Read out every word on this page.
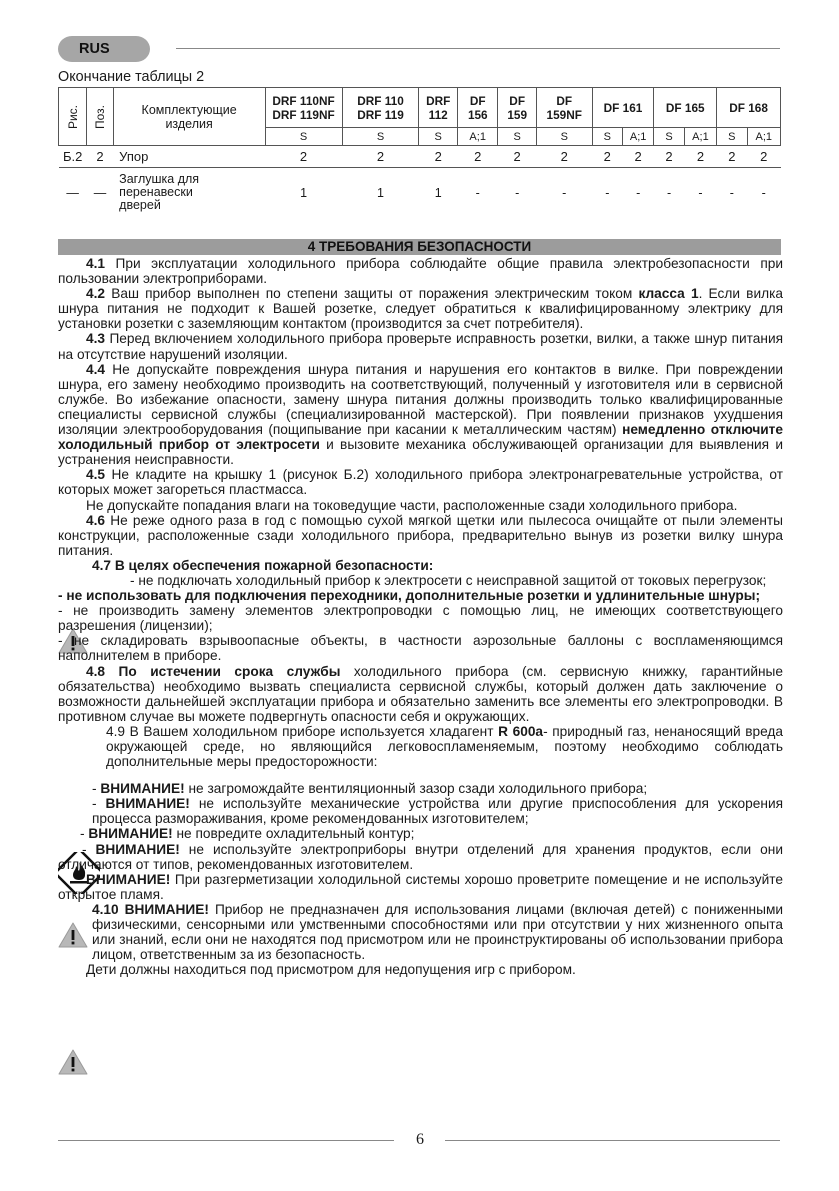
RUS
Окончание таблицы 2
Рис.	Поз.	Комплектующие изделия	DRF 110NF DRF 119NF	DRF 110 DRF 119	DRF 112	DF 156	DF 159	DF 159NF	DF 161		DF 165		DF 168	
			S	S	S	A;1	S	S	S	A;1	S	A;1	S	A;1
Б.2	2	Упор	2	2	2	2	2	2	2	2	2	2	2	2
—	—	Заглушка для перенавески дверей	1	1	1	-	-	-	-	-	-	-	-	-
4 ТРЕБОВАНИЯ БЕЗОПАСНОСТИ

4.1 При эксплуатации холодильного прибора соблюдайте общие правила электробезопасности при пользовании электроприборами.

4.2 Ваш прибор выполнен по степени защиты от поражения электрическим током класса 1. Если вилка шнура питания не подходит к Вашей розетке, следует обратиться к квалифицированному электрику для установки розетки с заземляющим контактом (производится за счет потребителя).

4.3 Перед включением холодильного прибора проверьте исправность розетки, вилки, а также шнур питания на отсутствие нарушений изоляции.

4.4 Не допускайте повреждения шнура питания и нарушения его контактов в вилке. При повреждении шнура, его замену необходимо производить на соответствующий, полученный у изготовителя или в сервисной службе. Во избежание опасности, замену шнура питания должны производить только квалифицированные специалисты сервисной службы (специализированной мастерской). При появлении признаков ухудшения изоляции электрооборудования (пощипывание при касании к металлическим частям) немедленно отключите холодильный прибор от электросети и вызовите механика обслуживающей организации для выявления и устранения неисправности.

4.5 Не кладите на крышку 1 (рисунок Б.2) холодильного прибора электронагревательные устройства, от которых может загореться пластмасса.

Не допускайте попадания влаги на токоведущие части, расположенные сзади холодильного прибора.

4.6 Не реже одного раза в год с помощью сухой мягкой щетки или пылесоса очищайте от пыли элементы конструкции, расположенные сзади холодильного прибора, предварительно вынув из розетки вилку шнура питания.

4.7 В целях обеспечения пожарной безопасности:

- не подключать холодильный прибор к электросети с неисправной защитой от токовых перегрузок;

- не использовать для подключения переходники, дополнительные розетки и удлинительные шнуры;

- не производить замену элементов электропроводки с помощью лиц, не имеющих соответствующего разрешения (лицензии);

- не складировать взрывоопасные объекты, в частности аэрозольные баллоны с воспламеняющимся наполнителем в приборе.

4.8 По истечении срока службы холодильного прибора (см. сервисную книжку, гарантийные обязательства) необходимо вызвать специалиста сервисной службы, который должен дать заключение о возможности дальнейшей эксплуатации прибора и обязательно заменить все элементы его электропроводки. В противном случае вы можете подвергнуть опасности себя и окружающих.

4.9 В Вашем холодильном приборе используется хладагент R 600а- природный газ, ненаносящий вреда окружающей среде, но являющийся легковоспламеняемым, поэтому необходимо соблюдать дополнительные меры предосторожности:

- ВНИМАНИЕ! не загромождайте вентиляционный зазор сзади холодильного прибора;

- ВНИМАНИЕ! не используйте механические устройства или другие приспособления для ускорения процесса размораживания, кроме рекомендованных изготовителем;

- ВНИМАНИЕ! не повредите охладительный контур;

- ВНИМАНИЕ! не используйте электроприборы внутри отделений для хранения продуктов, если они отличаются от типов, рекомендованных изготовителем.

ВНИМАНИЕ! При разгерметизации холодильной системы хорошо проветрите помещение и не используйте открытое пламя.

4.10 ВНИМАНИЕ! Прибор не предназначен для использования лицами (включая детей) с пониженными физическими, сенсорными или умственными способностями или при отсутствии у них жизненного опыта или знаний, если они не находятся под присмотром или не проинструктированы об использовании прибора лицом, ответственным за из безопасность.

Дети должны находиться под присмотром для недопущения игр с прибором.

6
